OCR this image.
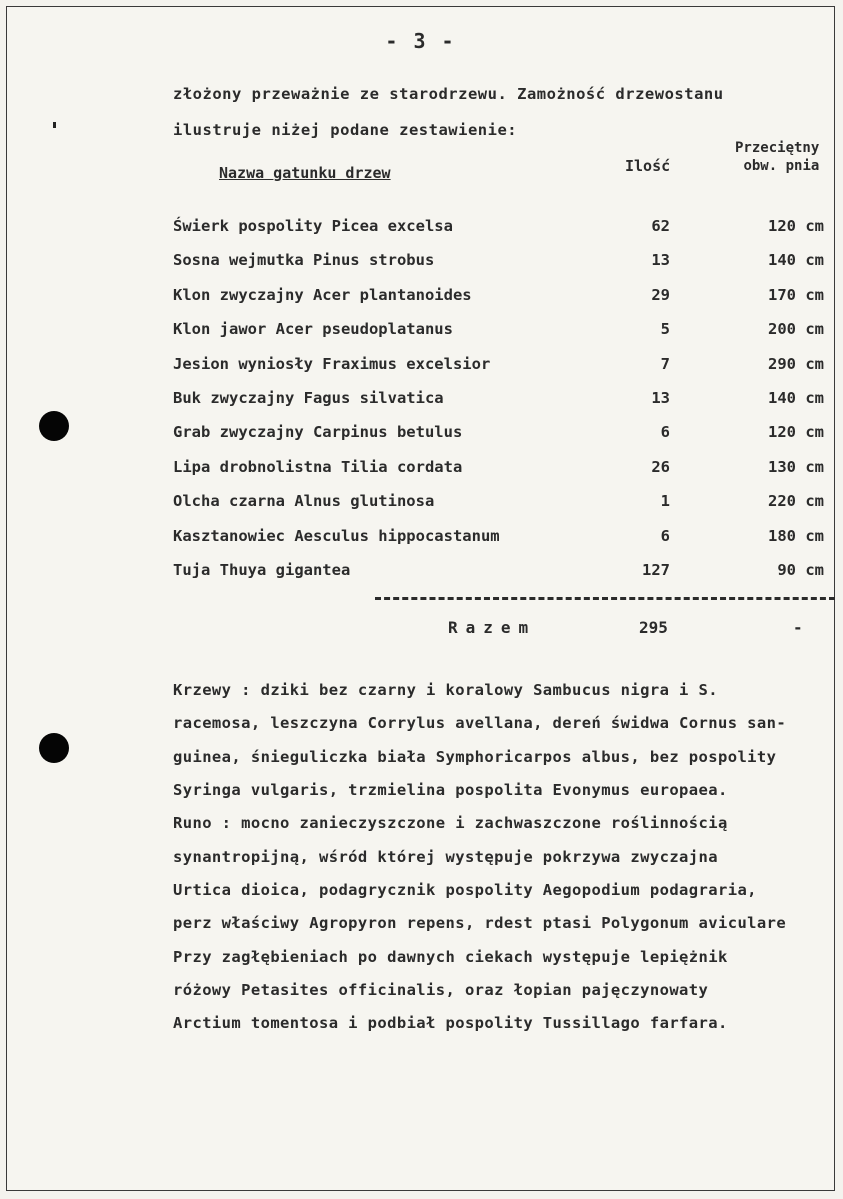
- 3 -
złożony przeważnie ze starodrzewu. Zamożność drzewostanu
ilustruje niżej podane zestawienie:
Nazwa gatunku drzew	Ilość
Przeciętny
obw. pnia
Świerk pospolity Picea excelsa	62	120 cm
Sosna wejmutka Pinus strobus	13	140 cm
Klon zwyczajny Acer plantanoides	29	170 cm
Klon jawor Acer pseudoplatanus	5	200 cm
Jesion wyniosły Fraximus excelsior	7	290 cm
Buk zwyczajny Fagus silvatica	13	140 cm
Grab zwyczajny Carpinus betulus	6	120 cm
Lipa drobnolistna Tilia cordata	26	130 cm
Olcha czarna Alnus glutinosa	1	220 cm
Kasztanowiec Aesculus hippocastanum	6	180 cm
Tuja Thuya gigantea	127	90 cm
Razem	295	-
Krzewy : dziki bez czarny i koralowy Sambucus nigra i S.
racemosa, leszczyna Corrylus avellana, dereń świdwa Cornus san-
guinea, śnieguliczka biała Symphoricarpos albus, bez pospolity
Syringa vulgaris, trzmielina pospolita Evonymus europaea.
Runo : mocno zanieczyszczone i zachwaszczone roślinnością
synantropijną, wśród której występuje pokrzywa zwyczajna
Urtica dioica, podagrycznik pospolity Aegopodium podagraria,
perz właściwy Agropyron repens, rdest ptasi Polygonum aviculare
Przy zagłębieniach po dawnych ciekach występuje lepiężnik
różowy Petasites officinalis, oraz łopian pajęczynowaty
Arctium tomentosa i podbiał pospolity Tussillago farfara.
